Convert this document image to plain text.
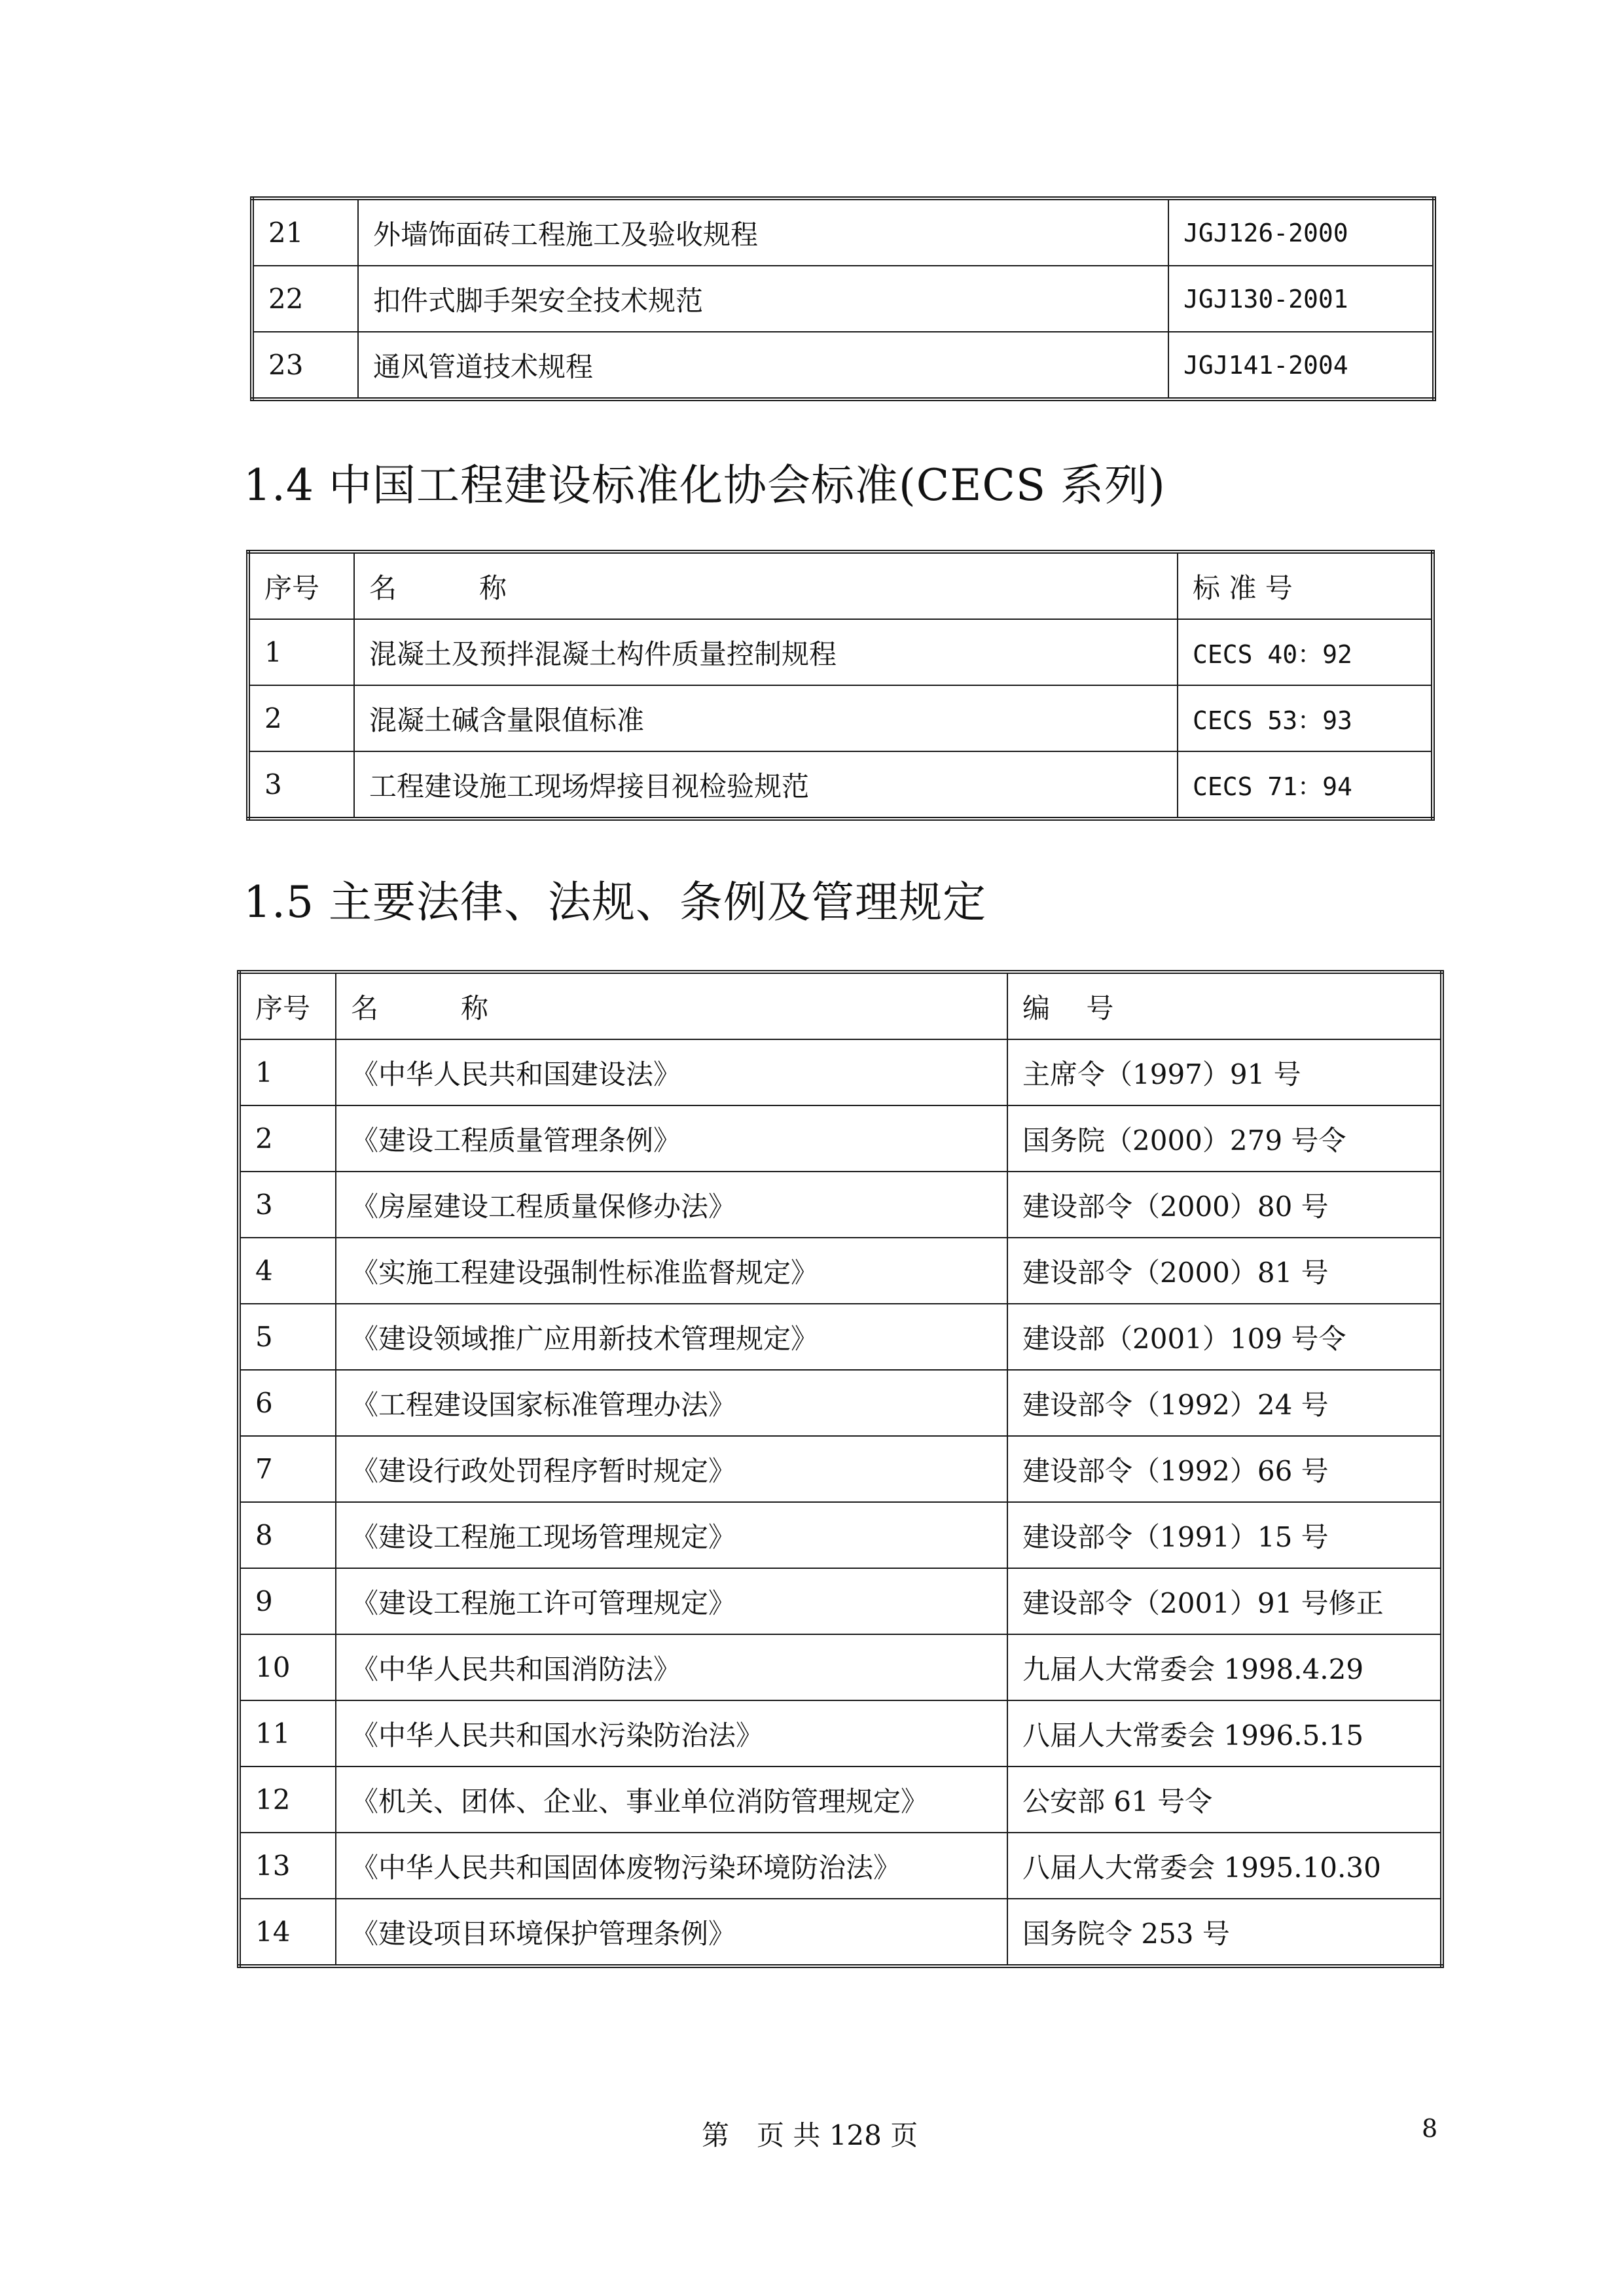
21	外墙饰面砖工程施工及验收规程	JGJ126-2000
22	扣件式脚手架安全技术规范	JGJ130-2001
23	通风管道技术规程	JGJ141-2004
1.4 中国工程建设标准化协会标准(CECS 系列)
序号	名　　　称	标 准 号
1	混凝土及预拌混凝土构件质量控制规程	CECS 40：92
2	混凝土碱含量限值标准	CECS 53：93
3	工程建设施工现场焊接目视检验规范	CECS 71：94
1.5 主要法律、法规、条例及管理规定
序号	名　　　称	编　 号
1	《中华人民共和国建设法》	主席令（1997）91 号
2	《建设工程质量管理条例》	国务院（2000）279 号令
3	《房屋建设工程质量保修办法》	建设部令（2000）80 号
4	《实施工程建设强制性标准监督规定》	建设部令（2000）81 号
5	《建设领域推广应用新技术管理规定》	建设部（2001）109 号令
6	《工程建设国家标准管理办法》	建设部令（1992）24 号
7	《建设行政处罚程序暂时规定》	建设部令（1992）66 号
8	《建设工程施工现场管理规定》	建设部令（1991）15 号
9	《建设工程施工许可管理规定》	建设部令（2001）91 号修正
10	《中华人民共和国消防法》	九届人大常委会 1998.4.29
11	《中华人民共和国水污染防治法》	八届人大常委会 1996.5.15
12	《机关、团体、企业、事业单位消防管理规定》	公安部 61 号令
13	《中华人民共和国固体废物污染环境防治法》	八届人大常委会 1995.10.30
14	《建设项目环境保护管理条例》	国务院令 253 号
第　页 共 128 页	8
